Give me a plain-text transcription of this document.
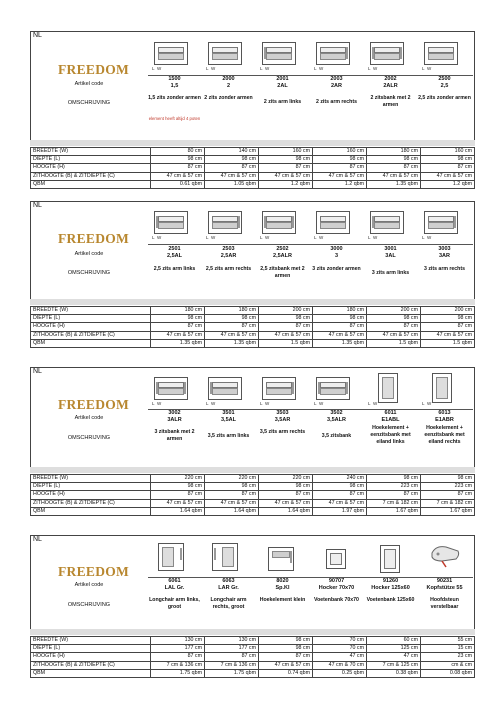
NL
FREEDOM
Artikel code
OMSCHRIJVING
L  W
1500
1,5
1,5 zits zonder armen
element heeft altijd 4 poten
L  W
2000
2
2 zits zonder armen
L  W
2001
2AL
2 zits arm links
L  W
2003
2AR
2 zits arm rechts
L  W
2002
2ALR
2 zitsbank met 2 armen
L  W
2500
2,5
2,5 zits zonder armen
BREEDTE (W)	80 cm	140 cm	160 cm	160 cm	180 cm	160 cm
DIEPTE (L)	98 cm	98 cm	98 cm	98 cm	98 cm	98 cm
HOOGTE (H)	87 cm	87 cm	87 cm	87 cm	87 cm	87 cm
ZITHOOGTE (B) & ZITDIEPTE (C)	47 cm & 57 cm	47 cm & 57 cm	47 cm & 57 cm	47 cm & 57 cm	47 cm & 57 cm	47 cm & 57 cm
QBM	0.61 qbm	1.05 qbm	1.2 qbm	1.2 qbm	1.35 qbm	1.2 qbm
NL
FREEDOM
Artikel code
OMSCHRIJVING
L  W
2501
2,5AL
2,5 zits arm links
L  W
2503
2,5AR
2,5 zits arm rechts
L  W
2502
2,5ALR
2,5 zitsbank met 2 armen
L  W
3000
3
3 zits zonder armen
L  W
3001
3AL
3 zits arm links
L  W
3003
3AR
3 zits arm rechts
BREEDTE (W)	180 cm	180 cm	200 cm	180 cm	200 cm	200 cm
DIEPTE (L)	98 cm	98 cm	98 cm	98 cm	98 cm	98 cm
HOOGTE (H)	87 cm	87 cm	87 cm	87 cm	87 cm	87 cm
ZITHOOGTE (B) & ZITDIEPTE (C)	47 cm & 57 cm	47 cm & 57 cm	47 cm & 57 cm	47 cm & 57 cm	47 cm & 57 cm	47 cm & 57 cm
QBM	1.35 qbm	1.35 qbm	1.5 qbm	1.35 qbm	1.5 qbm	1.5 qbm
NL
FREEDOM
Artikel code
OMSCHRIJVING
L  W
3002
3ALR
3 zitsbank met 2 armen
L  W
3501
3,5AL
3,5 zits arm links
L  W
3503
3,5AR
3,5 zits arm rechts
L  W
3502
3,5ALR
3,5 zitsbank
L  W
6011
E1ABL
Hoekelement + eenzitsbank met eiland links
L  W
6013
E1ABR
Hoekelement + eenzitsbank met eiland rechts
BREEDTE (W)	220 cm	220 cm	220 cm	240 cm	98 cm	98 cm
DIEPTE (L)	98 cm	98 cm	98 cm	98 cm	223 cm	223 cm
HOOGTE (H)	87 cm	87 cm	87 cm	87 cm	87 cm	87 cm
ZITHOOGTE (B) & ZITDIEPTE (C)	47 cm & 57 cm	47 cm & 57 cm	47 cm & 57 cm	47 cm & 57 cm	7 cm & 182 cm	7 cm & 182 cm
QBM	1.64 qbm	1.64 qbm	1.64 qbm	1.97 qbm	1.67 qbm	1.67 qbm
NL
FREEDOM
Artikel code
OMSCHRIJVING
6061
LAL Gr.
Longchair arm links, groot
6063
LAR Gr.
Longchair arm rechts, groot
8020
Sp.Kl
Hoekelement klein
90707
Hocker 70x70
Voetenbank 70x70
91260
Hocker 125x60
Voetenbank 125x60
90231
Kopfstütze 55
Hoofdsteun verstelbaar
BREEDTE (W)	130 cm	130 cm	98 cm	70 cm	60 cm	55 cm
DIEPTE (L)	177 cm	177 cm	98 cm	70 cm	125 cm	15 cm
HOOGTE (H)	87 cm	87 cm	87 cm	47 cm	47 cm	23 cm
ZITHOOGTE (B) & ZITDIEPTE (C)	7 cm & 136 cm	7 cm & 136 cm	47 cm & 57 cm	47 cm & 70 cm	7 cm & 125 cm	cm & cm
QBM	1.75 qbm	1.75 qbm	0.74 qbm	0.25 qbm	0.38 qbm	0.08 qbm
